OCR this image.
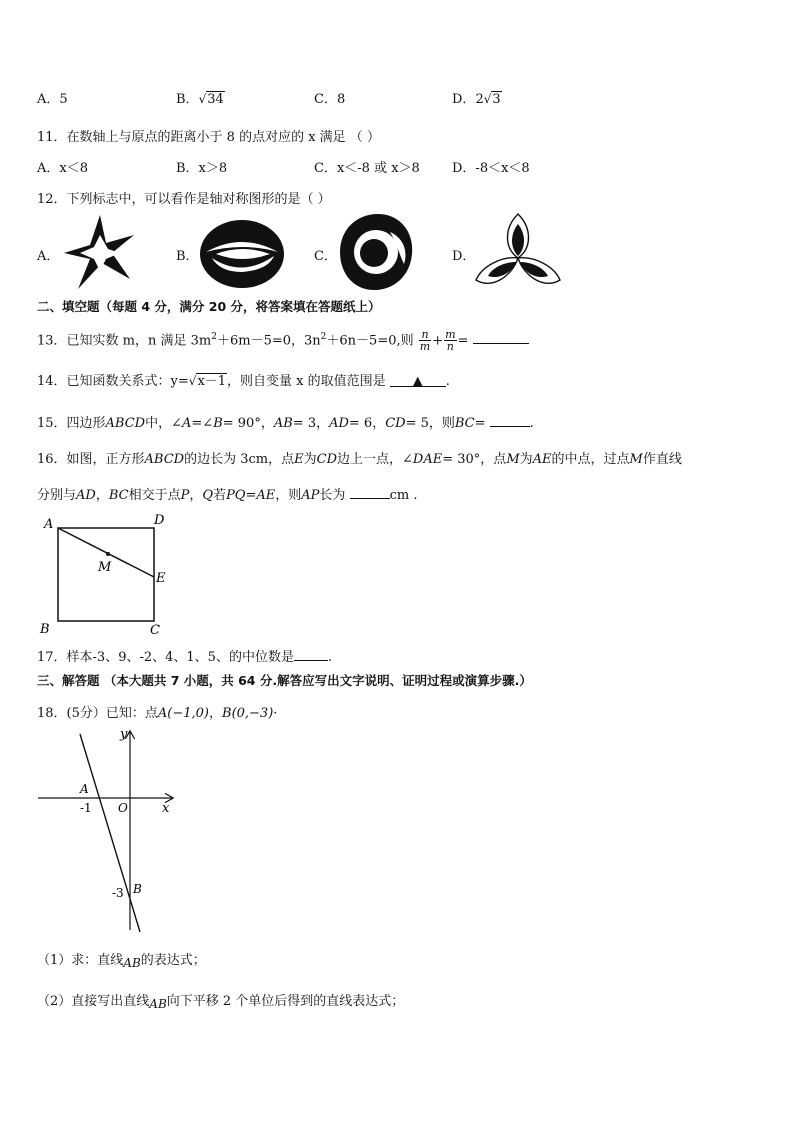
A．5	B．√34	C．8	D．2√3
11．在数轴上与原点的距离小于 8 的点对应的 x 满足 （ ）
A．x＜8	B．x＞8	C．x＜-8 或 x＞8 D．-8＜x＜8
12．下列标志中，可以看作是轴对称图形的是（ ）
A．	B．	C．	D．
二、填空题（每题 4 分，满分 20 分，将答案填在答题纸上）
13．已知实数 m，n 满足 $3m^2+6m-5=0$，$3n^2+6n-5=0$,则 $\frac{n}{m} + \frac{m}{n}$ =
14．已知函数关系式：y=√x－1，则自变量 x 的取值范围是 ▲ .
15．四边形ABCD中，∠A=∠B= 90°，AB= 3，AD= 6，CD= 5，则BC=	.
16．如图，正方形ABCD的边长为 3cm，点E为CD边上一点，∠DAE= 30°，点M为AE的中点，过点M作直线
分别与AD，BC相交于点P，Q若PQ=AE，则AP长为	cm .
A	D
M
E
B	C
17．样本-3、9、-2、4、1、5、的中位数是	.
三、解答题 （本大题共 7 小题，共 64 分.解答应写出文字说明、证明过程或演算步骤.）
18．(5分）已知：点A(−1,0)，B(0,−3)·
y
x
A
-1 O
-3 B
（1）求：直线AB的表达式；
（2）直接写出直线AB向下平移 2 个单位后得到的直线表达式；
